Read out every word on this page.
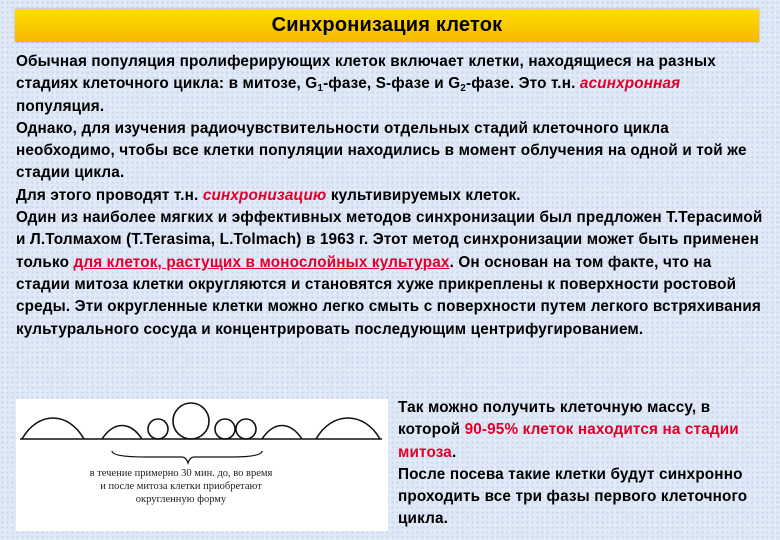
Синхронизация клеток

Обычная популяция пролиферирующих клеток включает клетки, находящиеся на разных стадиях клеточного цикла: в митозе, $G_1$-фазе, S-фазе и $G_2$-фазе. Это т.н. асинхронная популяция.

Однако, для изучения радиочувствительности отдельных стадий клеточного цикла необходимо, чтобы все клетки популяции находились в момент облучения на одной и той же стадии цикла.

Для этого проводят т.н. синхронизацию культивируемых клеток.

Один из наиболее мягких и эффективных методов синхронизации был предложен Т.Терасимой и Л.Толмахом (T.Terasima, L.Tolmach) в 1963 г. Этот метод синхронизации может быть применен только для клеток, растущих в монослойных культурах. Он основан на том факте, что на стадии митоза клетки округляются и становятся хуже прикреплены к поверхности ростовой среды. Эти округленные клетки можно легко смыть с поверхности путем легкого встряхивания культурального сосуда и концентрировать последующим центрифугированием.

в течение примерно 30 мин. до, во время и после митоза клетки приобретают округленную форму

Так можно получить клеточную массу, в которой 90-95% клеток находится на стадии митоза.

После посева такие клетки будут синхронно проходить все три фазы первого клеточного цикла.
